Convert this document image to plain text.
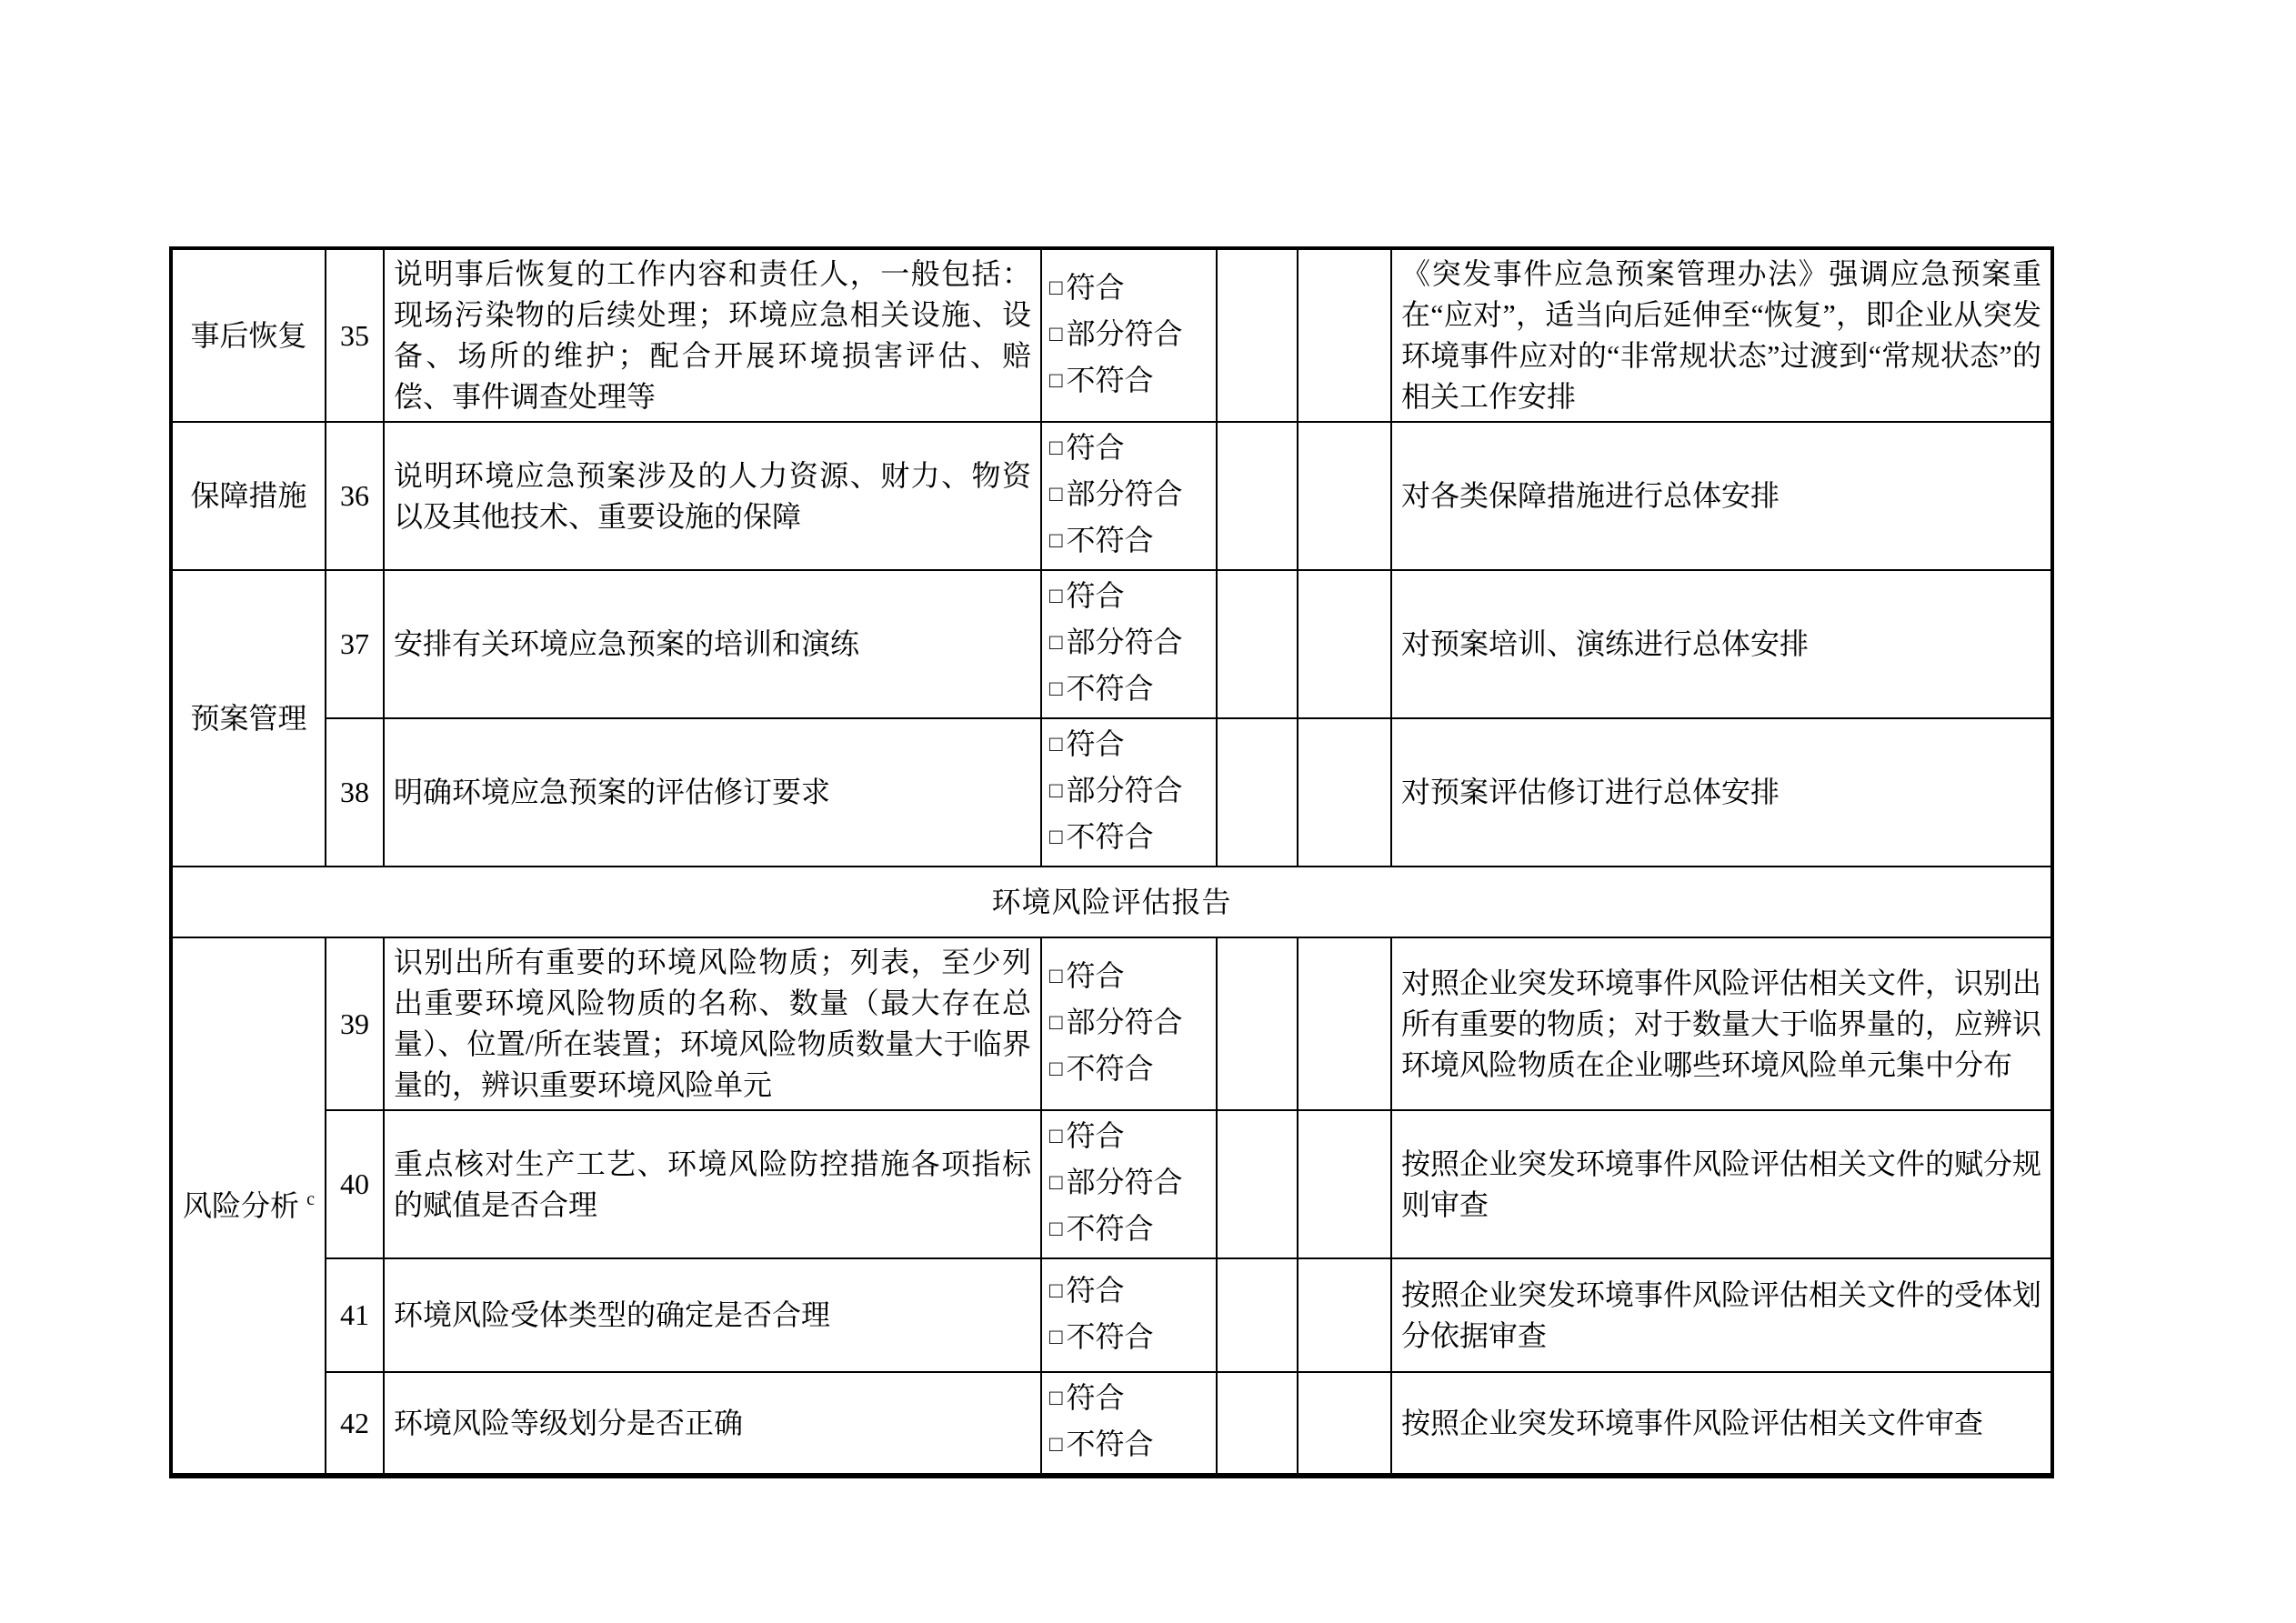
事后恢复	35	说明事后恢复的工作内容和责任人，一般包括：现场污染物的后续处理；环境应急相关设施、设备、场所的维护；配合开展环境损害评估、赔偿、事件调查处理等	□ 符合
□ 部分符合
□ 不符合			《突发事件应急预案管理办法》强调应急预案重在“应对”，适当向后延伸至“恢复”，即企业从突发环境事件应对的“非常规状态”过渡到“常规状态”的相关工作安排
保障措施	36	说明环境应急预案涉及的人力资源、财力、物资以及其他技术、重要设施的保障	□ 符合
□ 部分符合
□ 不符合			对各类保障措施进行总体安排
预案管理	37	安排有关环境应急预案的培训和演练	□ 符合
□ 部分符合
□ 不符合			对预案培训、演练进行总体安排
	38	明确环境应急预案的评估修订要求	□ 符合
□ 部分符合
□ 不符合			对预案评估修订进行总体安排
环境风险评估报告						
风险分析 $^c$	39	识别出所有重要的环境风险物质；列表，至少列出重要环境风险物质的名称、数量（最大存在总量）、位置/所在装置；环境风险物质数量大于临界量的，辨识重要环境风险单元	□ 符合
□ 部分符合
□ 不符合			对照企业突发环境事件风险评估相关文件，识别出所有重要的物质；对于数量大于临界量的，应辨识环境风险物质在企业哪些环境风险单元集中分布
	40	重点核对生产工艺、环境风险防控措施各项指标的赋值是否合理	□ 符合
□ 部分符合
□ 不符合			按照企业突发环境事件风险评估相关文件的赋分规则审查
	41	环境风险受体类型的确定是否合理	□ 符合
□ 不符合			按照企业突发环境事件风险评估相关文件的受体划分依据审查
	42	环境风险等级划分是否正确	□ 符合
□ 不符合			按照企业突发环境事件风险评估相关文件审查
